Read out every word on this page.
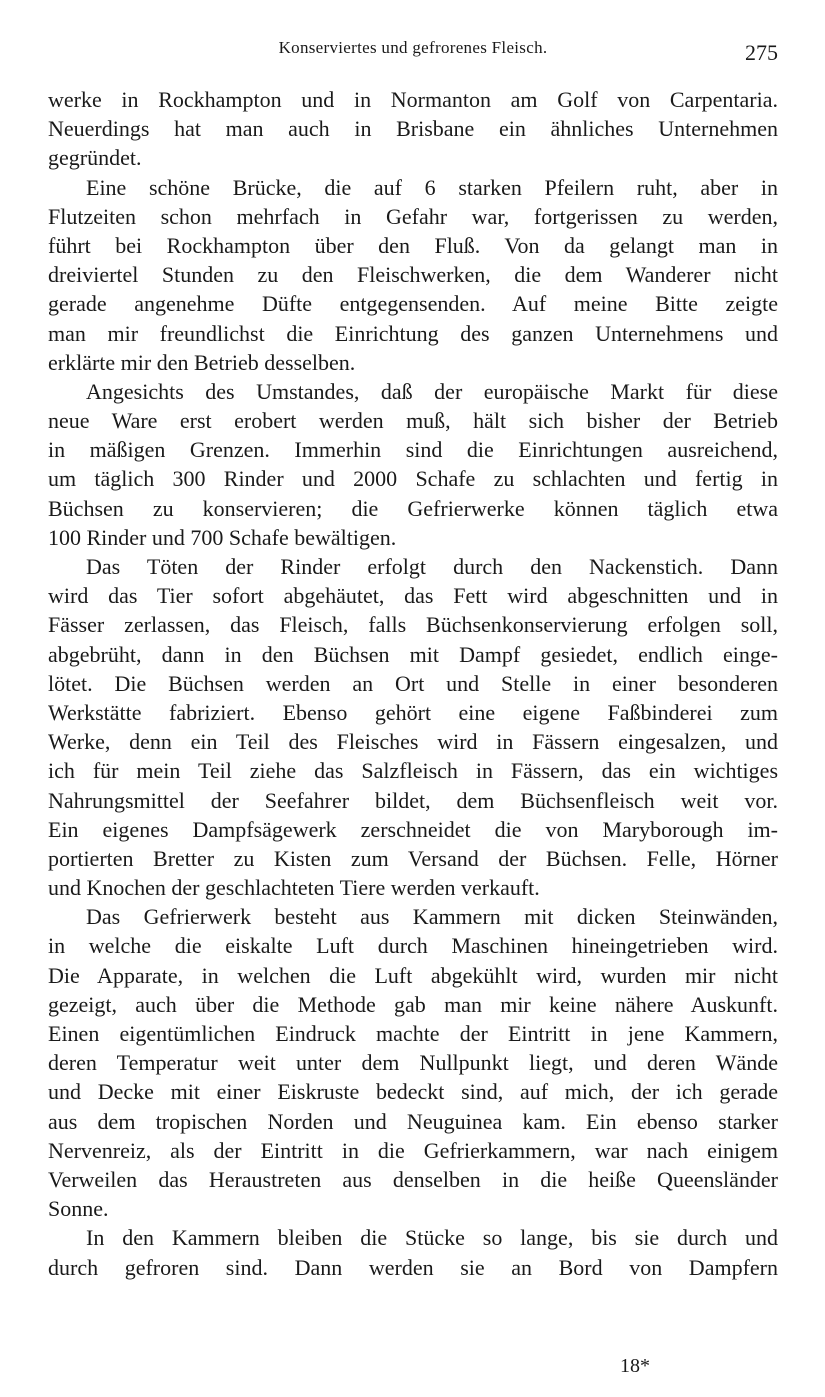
Konserviertes und gefrorenes Fleisch.	275
werke in Rockhampton und in Normanton am Golf von Carpentaria.
Neuerdings hat man auch in Brisbane ein ähnliches Unternehmen
gegründet.
Eine schöne Brücke, die auf 6 starken Pfeilern ruht, aber in
Flutzeiten schon mehrfach in Gefahr war, fortgerissen zu werden,
führt bei Rockhampton über den Fluß. Von da gelangt man in
dreiviertel Stunden zu den Fleischwerken, die dem Wanderer nicht
gerade angenehme Düfte entgegensenden. Auf meine Bitte zeigte
man mir freundlichst die Einrichtung des ganzen Unternehmens und
erklärte mir den Betrieb desselben.
Angesichts des Umstandes, daß der europäische Markt für diese
neue Ware erst erobert werden muß, hält sich bisher der Betrieb
in mäßigen Grenzen. Immerhin sind die Einrichtungen ausreichend,
um täglich 300 Rinder und 2000 Schafe zu schlachten und fertig in
Büchsen zu konservieren; die Gefrierwerke können täglich etwa
100 Rinder und 700 Schafe bewältigen.
Das Töten der Rinder erfolgt durch den Nackenstich. Dann
wird das Tier sofort abgehäutet, das Fett wird abgeschnitten und in
Fässer zerlassen, das Fleisch, falls Büchsenkonservierung erfolgen soll,
abgebrüht, dann in den Büchsen mit Dampf gesiedet, endlich einge-
lötet. Die Büchsen werden an Ort und Stelle in einer besonderen
Werkstätte fabriziert. Ebenso gehört eine eigene Faßbinderei zum
Werke, denn ein Teil des Fleisches wird in Fässern eingesalzen, und
ich für mein Teil ziehe das Salzfleisch in Fässern, das ein wichtiges
Nahrungsmittel der Seefahrer bildet, dem Büchsenfleisch weit vor.
Ein eigenes Dampfsägewerk zerschneidet die von Maryborough im-
portierten Bretter zu Kisten zum Versand der Büchsen. Felle, Hörner
und Knochen der geschlachteten Tiere werden verkauft.
Das Gefrierwerk besteht aus Kammern mit dicken Steinwänden,
in welche die eiskalte Luft durch Maschinen hineingetrieben wird.
Die Apparate, in welchen die Luft abgekühlt wird, wurden mir nicht
gezeigt, auch über die Methode gab man mir keine nähere Auskunft.
Einen eigentümlichen Eindruck machte der Eintritt in jene Kammern,
deren Temperatur weit unter dem Nullpunkt liegt, und deren Wände
und Decke mit einer Eiskruste bedeckt sind, auf mich, der ich gerade
aus dem tropischen Norden und Neuguinea kam. Ein ebenso starker
Nervenreiz, als der Eintritt in die Gefrierkammern, war nach einigem
Verweilen das Heraustreten aus denselben in die heiße Queensländer
Sonne.
In den Kammern bleiben die Stücke so lange, bis sie durch und
durch gefroren sind. Dann werden sie an Bord von Dampfern
18*
